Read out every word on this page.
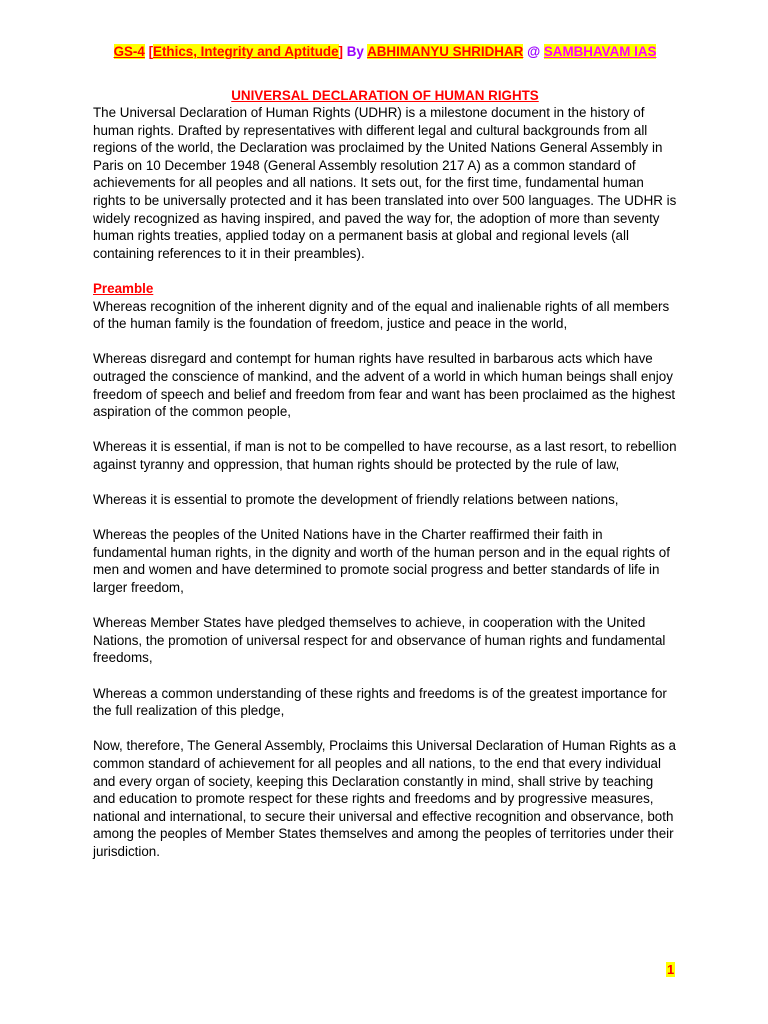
GS-4 [Ethics, Integrity and Aptitude] By ABHIMANYU SHRIDHAR @ SAMBHAVAM IAS
UNIVERSAL DECLARATION OF HUMAN RIGHTS

The Universal Declaration of Human Rights (UDHR) is a milestone document in the history of human rights. Drafted by representatives with different legal and cultural backgrounds from all regions of the world, the Declaration was proclaimed by the United Nations General Assembly in Paris on 10 December 1948 (General Assembly resolution 217 A) as a common standard of achievements for all peoples and all nations. It sets out, for the first time, fundamental human rights to be universally protected and it has been translated into over 500 languages. The UDHR is widely recognized as having inspired, and paved the way for, the adoption of more than seventy human rights treaties, applied today on a permanent basis at global and regional levels (all containing references to it in their preambles).

Preamble

Whereas recognition of the inherent dignity and of the equal and inalienable rights of all members of the human family is the foundation of freedom, justice and peace in the world,

Whereas disregard and contempt for human rights have resulted in barbarous acts which have outraged the conscience of mankind, and the advent of a world in which human beings shall enjoy freedom of speech and belief and freedom from fear and want has been proclaimed as the highest aspiration of the common people,

Whereas it is essential, if man is not to be compelled to have recourse, as a last resort, to rebellion against tyranny and oppression, that human rights should be protected by the rule of law,

Whereas it is essential to promote the development of friendly relations between nations,

Whereas the peoples of the United Nations have in the Charter reaffirmed their faith in fundamental human rights, in the dignity and worth of the human person and in the equal rights of men and women and have determined to promote social progress and better standards of life in larger freedom,

Whereas Member States have pledged themselves to achieve, in cooperation with the United Nations, the promotion of universal respect for and observance of human rights and fundamental freedoms,

Whereas a common understanding of these rights and freedoms is of the greatest importance for the full realization of this pledge,

Now, therefore, The General Assembly, Proclaims this Universal Declaration of Human Rights as a common standard of achievement for all peoples and all nations, to the end that every individual and every organ of society, keeping this Declaration constantly in mind, shall strive by teaching and education to promote respect for these rights and freedoms and by progressive measures, national and international, to secure their universal and effective recognition and observance, both among the peoples of Member States themselves and among the peoples of territories under their jurisdiction.

1
